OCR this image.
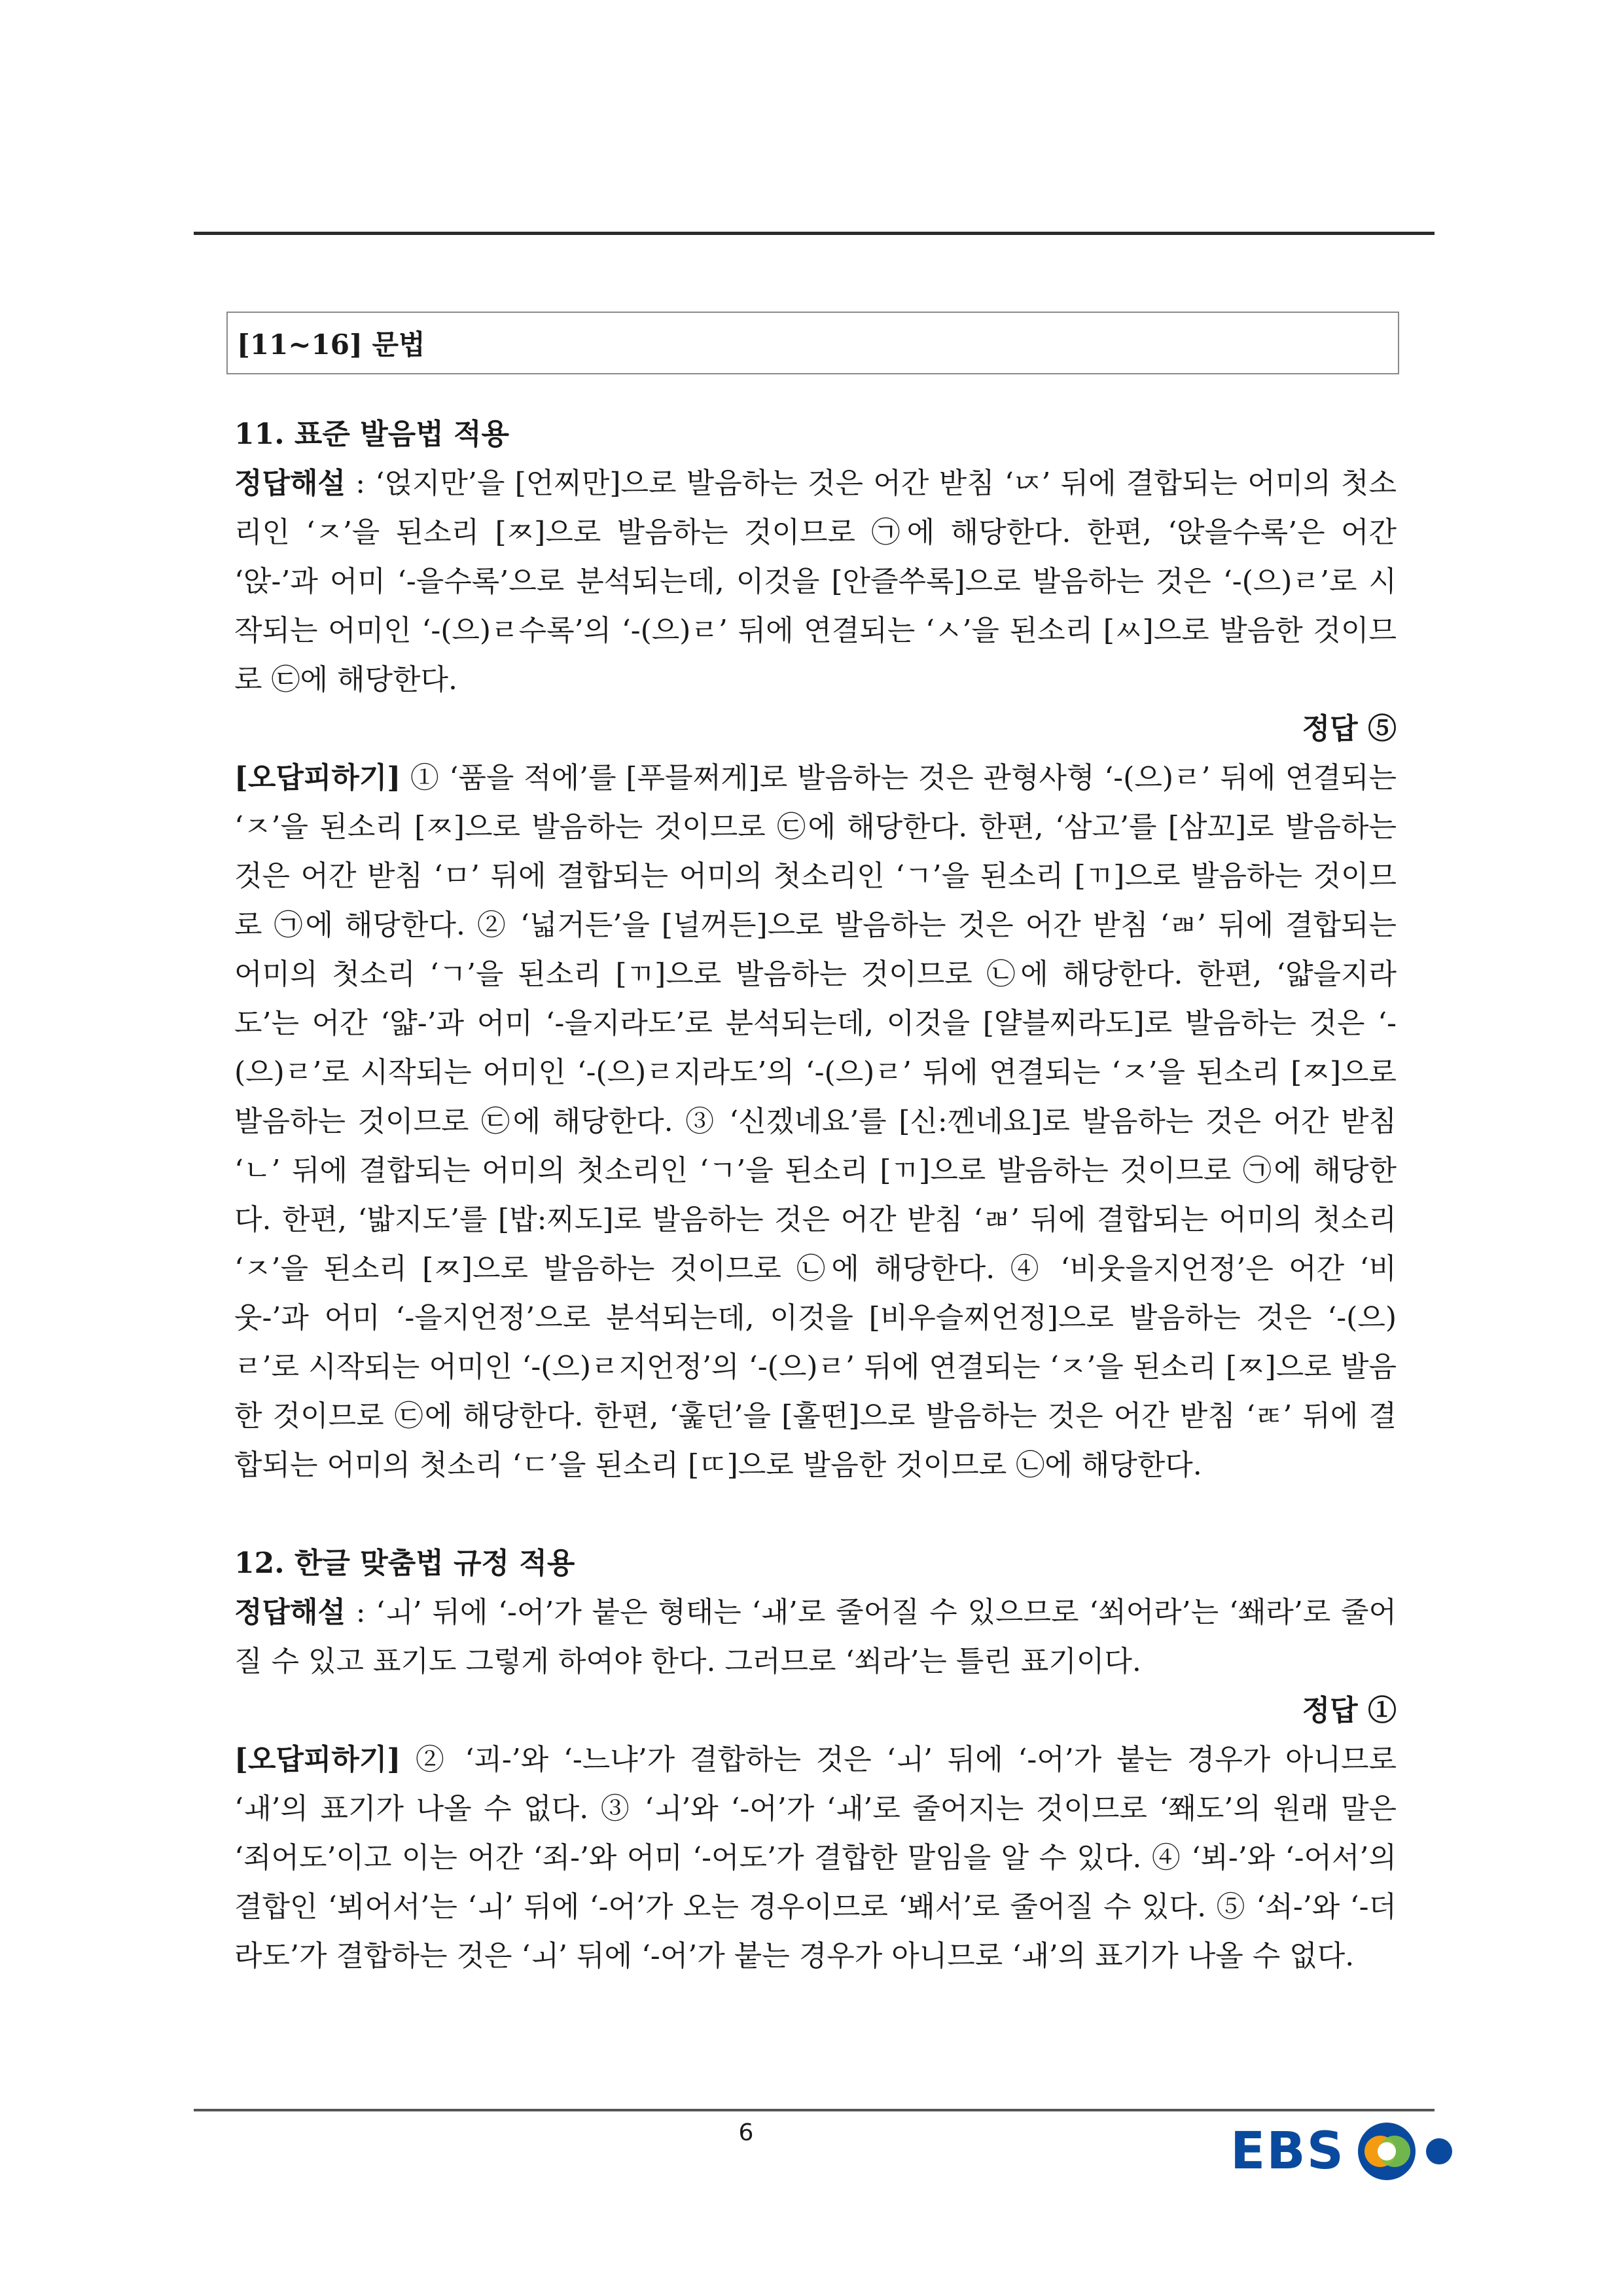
[11~16] 문법

11. 표준 발음법 적용

정답해설 : ‘얹지만’을 [언찌만]으로 발음하는 것은 어간 받침 ‘ㄵ’ 뒤에 결합되는 어미의 첫소리인 ‘ㅈ’을 된소리 [ㅉ]으로 발음하는 것이므로 ㉠에 해당한다. 한편, ‘앉을수록’은 어간 ‘앉-’과 어미 ‘-을수록’으로 분석되는데, 이것을 [안즐쑤록]으로 발음하는 것은 ‘-(으)ㄹ’로 시작되는 어미인 ‘-(으)ㄹ수록’의 ‘-(으)ㄹ’ 뒤에 연결되는 ‘ㅅ’을 된소리 [ㅆ]으로 발음한 것이므로 ㉢에 해당한다.

정답 ⑤

[오답피하기] ① ‘품을 적에’를 [푸믈쩌게]로 발음하는 것은 관형사형 ‘-(으)ㄹ’ 뒤에 연결되는 ‘ㅈ’을 된소리 [ㅉ]으로 발음하는 것이므로 ㉢에 해당한다. 한편, ‘삼고’를 [삼꼬]로 발음하는 것은 어간 받침 ‘ㅁ’ 뒤에 결합되는 어미의 첫소리인 ‘ㄱ’을 된소리 [ㄲ]으로 발음하는 것이므로 ㉠에 해당한다. ② ‘넓거든’을 [널꺼든]으로 발음하는 것은 어간 받침 ‘ㄼ’ 뒤에 결합되는 어미의 첫소리 ‘ㄱ’을 된소리 [ㄲ]으로 발음하는 것이므로 ㉡에 해당한다. 한편, ‘얇을지라도’는 어간 ‘얇-’과 어미 ‘-을지라도’로 분석되는데, 이것을 [얄블찌라도]로 발음하는 것은 ‘-(으)ㄹ’로 시작되는 어미인 ‘-(으)ㄹ지라도’의 ‘-(으)ㄹ’ 뒤에 연결되는 ‘ㅈ’을 된소리 [ㅉ]으로 발음하는 것이므로 ㉢에 해당한다. ③ ‘신겠네요’를 [신:껜네요]로 발음하는 것은 어간 받침 ‘ㄴ’ 뒤에 결합되는 어미의 첫소리인 ‘ㄱ’을 된소리 [ㄲ]으로 발음하는 것이므로 ㉠에 해당한다. 한편, ‘밟지도’를 [밥:찌도]로 발음하는 것은 어간 받침 ‘ㄼ’ 뒤에 결합되는 어미의 첫소리 ‘ㅈ’을 된소리 [ㅉ]으로 발음하는 것이므로 ㉡에 해당한다. ④ ‘비웃을지언정’은 어간 ‘비웃-’과 어미 ‘-을지언정’으로 분석되는데, 이것을 [비우슬찌언정]으로 발음하는 것은 ‘-(으)ㄹ’로 시작되는 어미인 ‘-(으)ㄹ지언정’의 ‘-(으)ㄹ’ 뒤에 연결되는 ‘ㅈ’을 된소리 [ㅉ]으로 발음한 것이므로 ㉢에 해당한다. 한편, ‘훑던’을 [훌떤]으로 발음하는 것은 어간 받침 ‘ㄾ’ 뒤에 결합되는 어미의 첫소리 ‘ㄷ’을 된소리 [ㄸ]으로 발음한 것이므로 ㉡에 해당한다.

12. 한글 맞춤법 규정 적용

정답해설 : ‘ㅚ’ 뒤에 ‘-어’가 붙은 형태는 ‘ㅙ’로 줄어질 수 있으므로 ‘쐬어라’는 ‘쐐라’로 줄어질 수 있고 표기도 그렇게 하여야 한다. 그러므로 ‘쐬라’는 틀린 표기이다.

정답 ①

[오답피하기] ② ‘괴-’와 ‘-느냐’가 결합하는 것은 ‘ㅚ’ 뒤에 ‘-어’가 붙는 경우가 아니므로 ‘ㅙ’의 표기가 나올 수 없다. ③ ‘ㅚ’와 ‘-어’가 ‘ㅙ’로 줄어지는 것이므로 ‘쫴도’의 원래 말은 ‘죄어도’이고 이는 어간 ‘죄-’와 어미 ‘-어도’가 결합한 말임을 알 수 있다. ④ ‘뵈-’와 ‘-어서’의 결합인 ‘뵈어서’는 ‘ㅚ’ 뒤에 ‘-어’가 오는 경우이므로 ‘봬서’로 줄어질 수 있다. ⑤ ‘쇠-’와 ‘-더라도’가 결합하는 것은 ‘ㅚ’ 뒤에 ‘-어’가 붙는 경우가 아니므로 ‘ㅙ’의 표기가 나올 수 없다.

6	EBS
